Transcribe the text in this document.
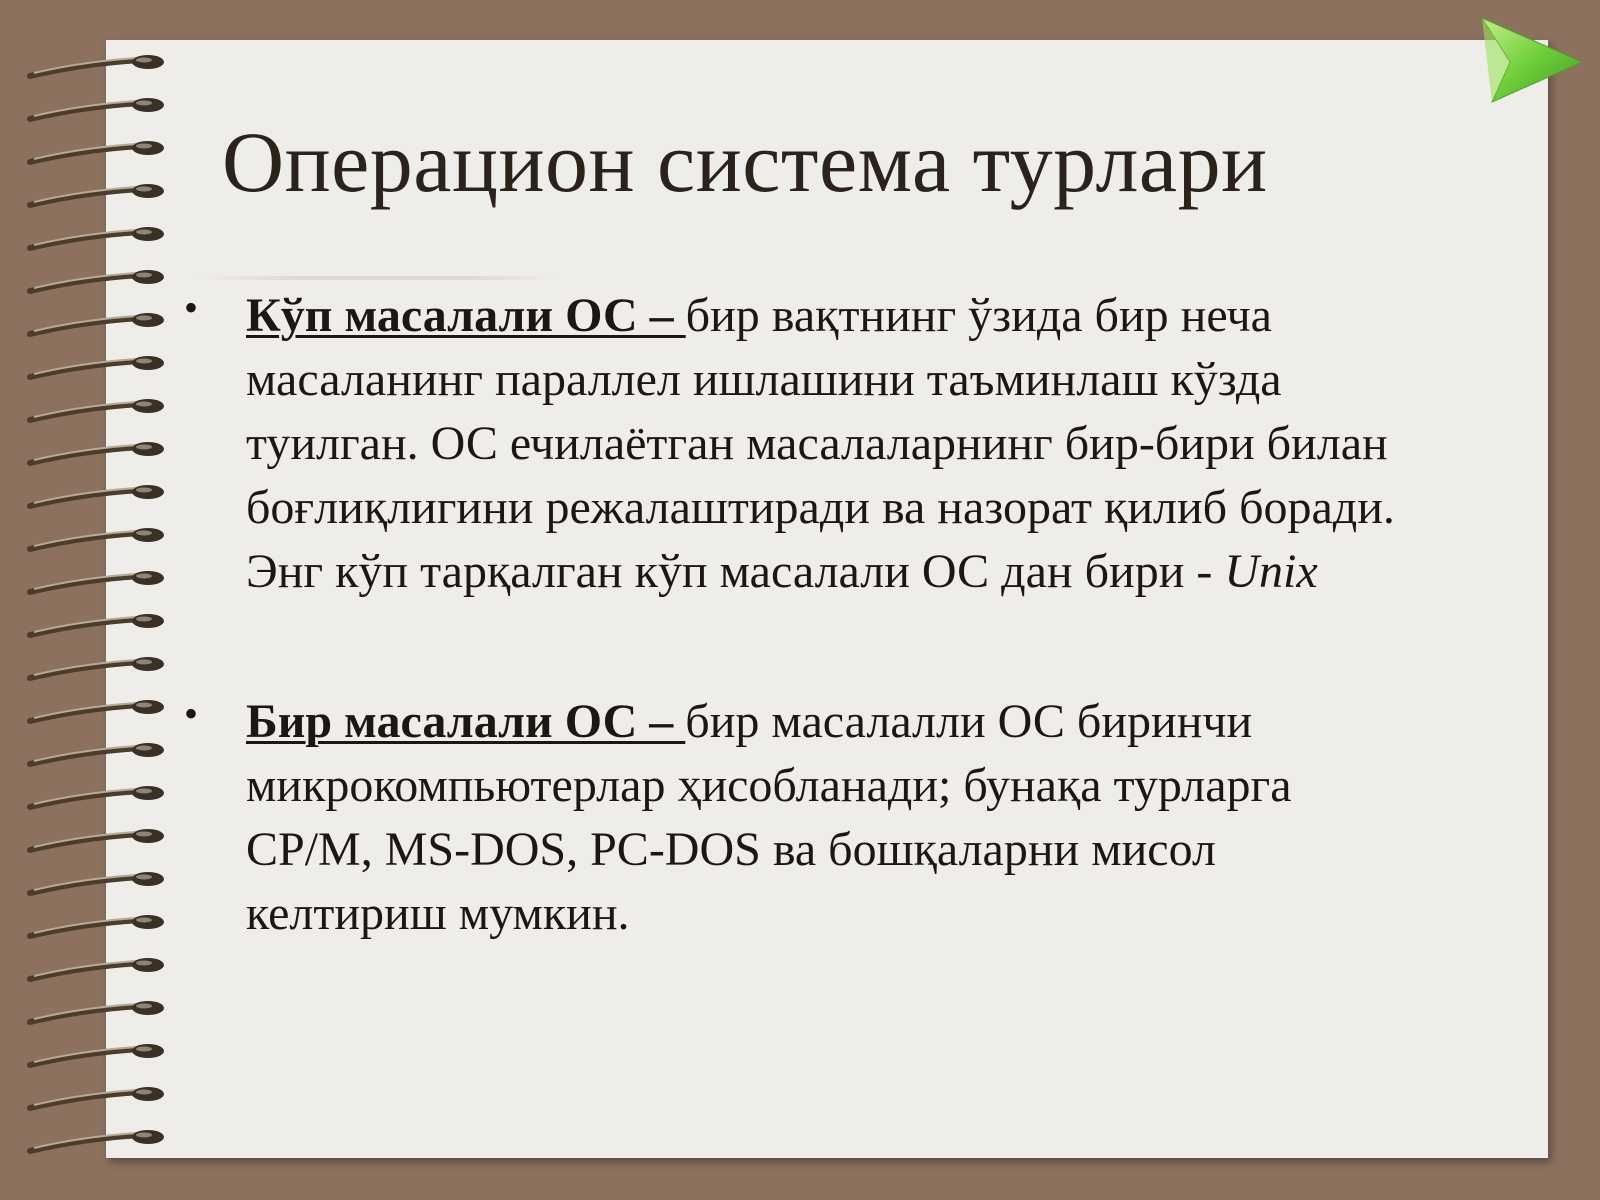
Операцион система турлари
• Кўп масалали ОС – бир вақтнинг ўзида бир неча масаланинг параллел ишлашини таъминлаш кўзда туилган. ОС ечилаётган масалаларнинг бир-бири билан боғлиқлигини режалаштиради ва назорат қилиб боради. Энг кўп тарқалган кўп масалали ОС дан бири - Unix
• Бир масалали ОС – бир масалалли ОС биринчи микрокомпьютерлар ҳисобланади; бунақа турларга CP/M, MS-DOS, PC-DOS ва бошқаларни мисол келтириш мумкин.
